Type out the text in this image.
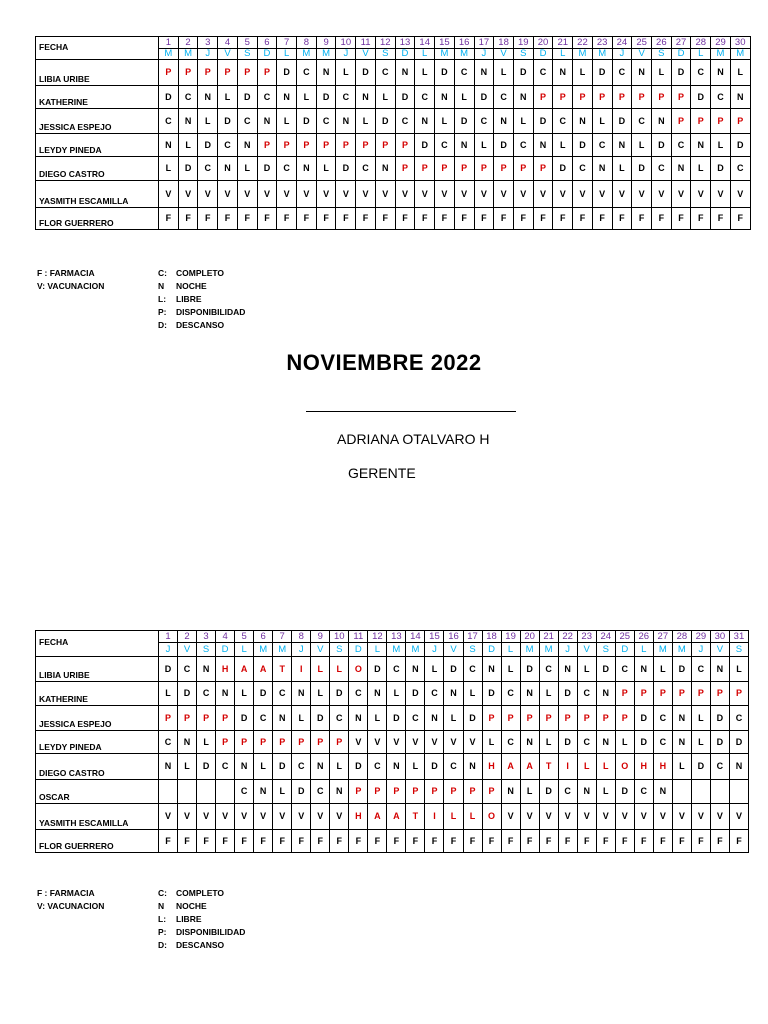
FECHA	1	2	3	4	5	6	7	8	9	10	11	12	13	14	15	16	17	18	19	20	21	22	23	24	25	26	27	28	29	30
	M	M	J	V	S	D	L	M	M	J	V	S	D	L	M	M	J	V	S	D	L	M	M	J	V	S	D	L	M	M
LIBIA URIBE	P	P	P	P	P	P	D	C	N	L	D	C	N	L	D	C	N	L	D	C	N	L	D	C	N	L	D	C	N	L
KATHERINE	D	C	N	L	D	C	N	L	D	C	N	L	D	C	N	L	D	C	N	P	P	P	P	P	P	P	P	D	C	N
JESSICA ESPEJO	C	N	L	D	C	N	L	D	C	N	L	D	C	N	L	D	C	N	L	D	C	N	L	D	C	N	P	P	P	P
LEYDY PINEDA	N	L	D	C	N	P	P	P	P	P	P	P	P	D	C	N	L	D	C	N	L	D	C	N	L	D	C	N	L	D
DIEGO CASTRO	L	D	C	N	L	D	C	N	L	D	C	N	P	P	P	P	P	P	P	P	D	C	N	L	D	C	N	L	D	C
YASMITH ESCAMILLA	V	V	V	V	V	V	V	V	V	V	V	V	V	V	V	V	V	V	V	V	V	V	V	V	V	V	V	V	V	V
FLOR GUERRERO	F	F	F	F	F	F	F	F	F	F	F	F	F	F	F	F	F	F	F	F	F	F	F	F	F	F	F	F	F	F
F : FARMACIA
V: VACUNACION
C: COMPLETO
N NOCHE
L: LIBRE
P: DISPONIBILIDAD
D: DESCANSO
NOVIEMBRE 2022
ADRIANA OTALVARO H
GERENTE
FECHA	1	2	3	4	5	6	7	8	9	10	11	12	13	14	15	16	17	18	19	20	21	22	23	24	25	26	27	28	29	30	31
	J	V	S	D	L	M	M	J	V	S	D	L	M	M	J	V	S	D	L	M	M	J	V	S	D	L	M	M	J	V	S
LIBIA URIBE	D	C	N	H	A	A	T	I	L	L	O	D	C	N	L	D	C	N	L	D	C	N	L	D	C	N	L	D	C	N	L
KATHERINE	L	D	C	N	L	D	C	N	L	D	C	N	L	D	C	N	L	D	C	N	L	D	C	N	P	P	P	P	P	P	P
JESSICA ESPEJO	P	P	P	P	D	C	N	L	D	C	N	L	D	C	N	L	D	P	P	P	P	P	P	P	P	D	C	N	L	D	C
LEYDY PINEDA	C	N	L	P	P	P	P	P	P	P	V	V	V	V	V	V	V	L	C	N	L	D	C	N	L	D	C	N	L	D	D
DIEGO CASTRO	N	L	D	C	N	L	D	C	N	L	D	C	N	L	D	C	N	H	A	A	T	I	L	L	O	H	H	L	D	C	N
OSCAR					C	N	L	D	C	N	P	P	P	P	P	P	P	P	N	L	D	C	N	L	D	C	N				
YASMITH ESCAMILLA	V	V	V	V	V	V	V	V	V	V	H	A	A	T	I	L	L	O	V	V	V	V	V	V	V	V	V	V	V	V	V
FLOR GUERRERO	F	F	F	F	F	F	F	F	F	F	F	F	F	F	F	F	F	F	F	F	F	F	F	F	F	F	F	F	F	F	F
F : FARMACIA
V: VACUNACION
C: COMPLETO
N NOCHE
L: LIBRE
P: DISPONIBILIDAD
D: DESCANSO
